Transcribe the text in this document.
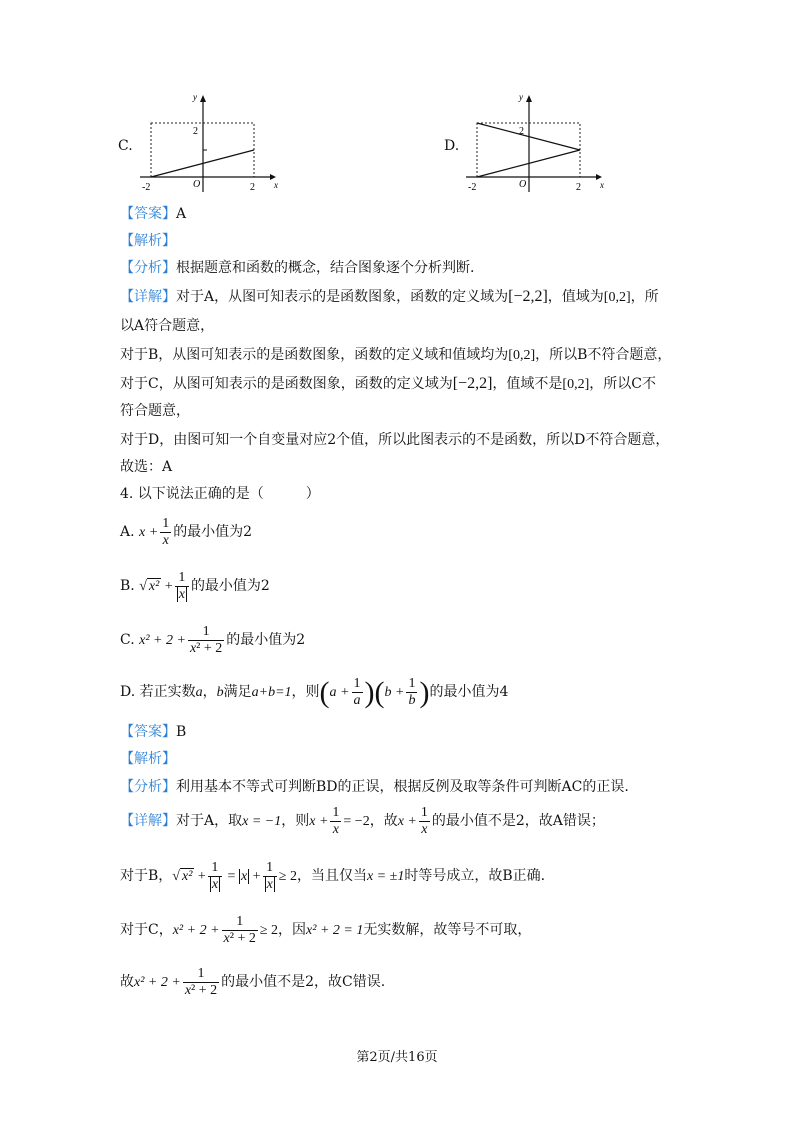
C.
y
x
O
-2	2
2
D.
y
x
O
-2	2
2
【答案】A
【解析】
【分析】根据题意和函数的概念，结合图象逐个分析判断.
【详解】对于A，从图可知表示的是函数图象，函数的定义域为[−2,2]，值域为[0,2]，所
以A符合题意，
对于B，从图可知表示的是函数图象，函数的定义域和值域均为[0,2]，所以B不符合题意，
对于C，从图可知表示的是函数图象，函数的定义域为[−2,2]，值域不是[0,2]，所以C不
符合题意，
对于D，由图可知一个自变量对应2个值，所以此图表示的不是函数，所以D不符合题意，
故选：A
4. 以下说法正确的是（　　　）
A. $x + \frac{1}{x}$ 的最小值为2
B. √ $x^2 + \frac{1}{x}$ 的最小值为2
C. $x^2 + 2 + \frac{1}{\text{x² + 2}}$ 的最小值为2
D. 若正实数a，b满足a+b=1，则$(a + \frac{1}{a} )(b + \frac{1}{b}$ )的最小值为4
【答案】B
【解析】
【分析】利用基本不等式可判断BD的正误，根据反例及取等条件可判断AC的正误.
【详解】对于A，取x = −1，则$x + \frac{1}{x} = -2$，故$x + \frac{1}{x}$ 的最小值不是2，故A错误；
对于B，√ $x^2 + \frac{1}{x} = x + \frac{1}{x} \ge 2$，当且仅当x = ±1时等号成立，故B正确.
对于C，$x^2 + 2 + \frac{1}{\text{x² + 2}} \ge 2$，因x² + 2 = 1无实数解，故等号不可取，
故$x^2 + 2 + \frac{1}{\text{x² + 2}}$ 的最小值不是2，故C错误.
第2页/共16页
